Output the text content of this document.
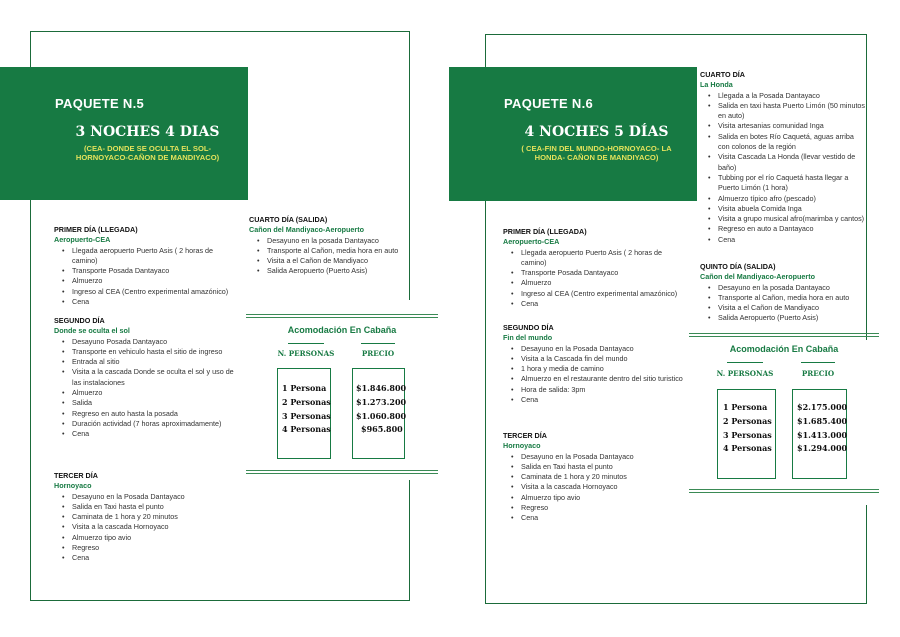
PAQUETE N.5
3 NOCHES 4 DIAS
(CEA- DONDE SE OCULTA EL SOL-
HORNOYACO-CAÑON DE MANDIYACO)
PRIMER DÍA (LLEGADA)
Aeropuerto-CEA
• Llegada aeropuerto Puerto Asis ( 2 horas de camino)
• Transporte Posada Dantayaco
• Almuerzo
• Ingreso al CEA (Centro experimental amazónico)
• Cena
SEGUNDO DÍA
Donde se oculta el sol
• Desayuno Posada Dantayaco
• Transporte en vehiculo hasta el sitio de ingreso
• Entrada al sitio
• Visita a la cascada Donde se oculta el sol y uso de las instalaciones
• Almuerzo
• Salida
• Regreso en auto hasta la posada
• Duración actividad (7 horas aproximadamente)
• Cena
TERCER DÍA
Hornoyaco
• Desayuno en la Posada Dantayaco
• Salida en Taxi hasta el punto
• Caminata de 1 hora y 20 minutos
• Visita a la cascada Hornoyaco
• Almuerzo tipo avio
• Regreso
• Cena
CUARTO DÍA (SALIDA)
Cañon del Mandiyaco-Aeropuerto
• Desayuno en la posada Dantayaco
• Transporte al Cañon, media hora en auto
• Visita a el Cañon de Mandiyaco
• Salida Aeropuerto (Puerto Asis)
Acomodación En Cabaña
N. PERSONAS	PRECIO
1 Persona
2 Personas
3 Personas
4 Personas
$1.846.800
$1.273.200
$1.060.800
$965.800
PAQUETE N.6
4 NOCHES 5 DÍAS
( CEA-FIN DEL MUNDO-HORNOYACO- LA
HONDA- CAÑON DE MANDIYACO)
PRIMER DÍA (LLEGADA)
Aeropuerto-CEA
• Llegada aeropuerto Puerto Asis ( 2 horas de camino)
• Transporte Posada Dantayaco
• Almuerzo
• Ingreso al CEA (Centro experimental amazónico)
• Cena
SEGUNDO DÍA
Fin del mundo
• Desayuno en la Posada Dantayaco
• Visita a la Cascada fin del mundo
• 1 hora y media de camino
• Almuerzo en el restaurante dentro del sitio turistico
• Hora de salida: 3pm
• Cena
TERCER DÍA
Hornoyaco
• Desayuno en la Posada Dantayaco
• Salida en Taxi hasta el punto
• Caminata de 1 hora y 20 minutos
• Visita a la cascada Hornoyaco
• Almuerzo tipo avio
• Regreso
• Cena
CUARTO DÍA
La Honda
• Llegada a la Posada Dantayaco
• Salida en taxi hasta Puerto Limón (50 minutos en auto)
• Visita artesanias comunidad Inga
• Salida en botes Río Caquetá, aguas arriba con colonos de la región
• Visita Cascada La Honda (llevar vestido de baño)
• Tubbing por el río Caquetá hasta llegar a Puerto Limón (1 hora)
• Almuerzo típico afro (pescado)
• Visita abuela Comida Inga
• Visita a grupo musical afro(marimba y cantos)
• Regreso en auto a Dantayaco
• Cena
QUINTO DÍA (SALIDA)
Cañon del Mandiyaco-Aeropuerto
• Desayuno en la posada Dantayaco
• Transporte al Cañon, media hora en auto
• Visita a el Cañon de Mandiyaco
• Salida Aeropuerto (Puerto Asis)
Acomodación En Cabaña
N. PERSONAS	PRECIO
1 Persona
2 Personas
3 Personas
4 Personas
$2.175.000
$1.685.400
$1.413.000
$1.294.000
